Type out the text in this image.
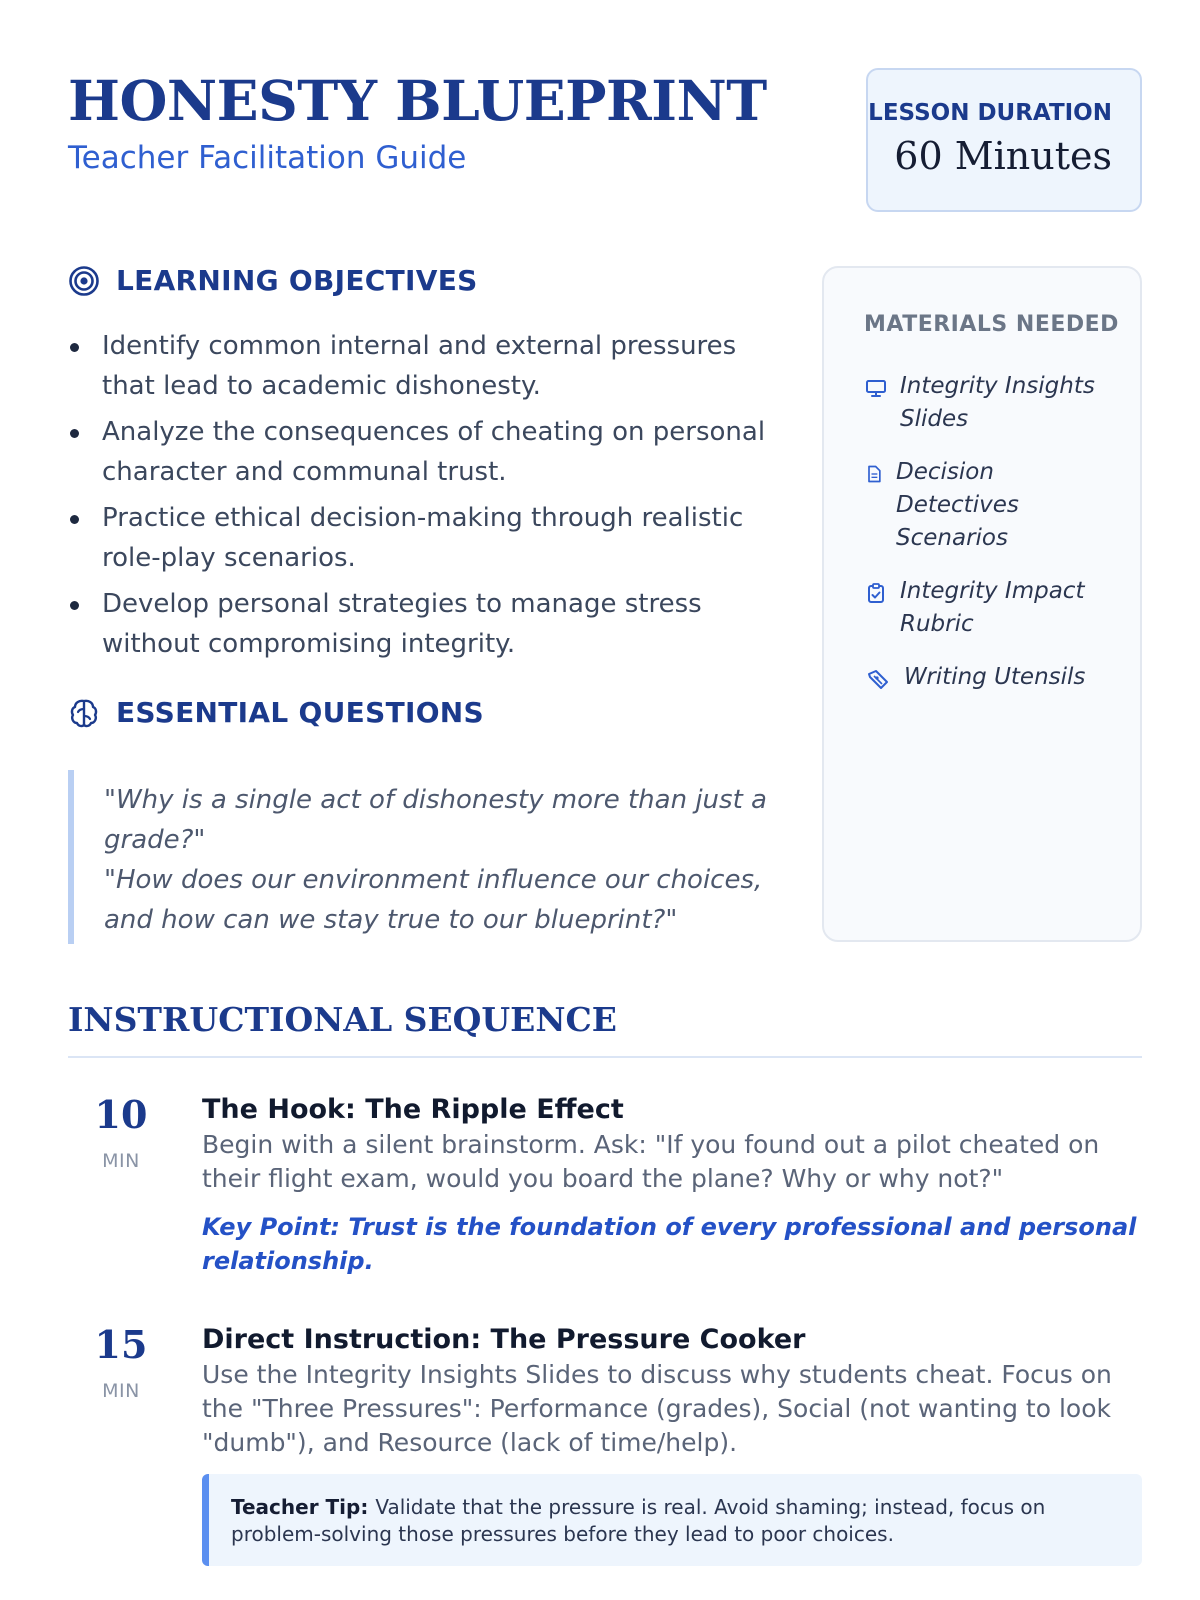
HONESTY BLUEPRINT
Teacher Facilitation Guide
LESSON DURATION
60 Minutes
LEARNING OBJECTIVES
Identify common internal and external pressures that lead to academic dishonesty.
Analyze the consequences of cheating on personal character and communal trust.
Practice ethical decision-making through realistic role-play scenarios.
Develop personal strategies to manage stress without compromising integrity.
ESSENTIAL QUESTIONS

"Why is a single act of dishonesty more than just a grade?"

"How does our environment influence our choices, and how can we stay true to our blueprint?"

MATERIALS NEEDED
Integrity Insights Slides
Decision Detectives Scenarios
Integrity Impact Rubric
Writing Utensils
INSTRUCTIONAL SEQUENCE
10
MIN
The Hook: The Ripple Effect
Begin with a silent brainstorm. Ask: "If you found out a pilot cheated on their flight exam, would you board the plane? Why or why not?"
Key Point: Trust is the foundation of every professional and personal relationship.
15
MIN
Direct Instruction: The Pressure Cooker
Use the Integrity Insights Slides to discuss why students cheat. Focus on the "Three Pressures": Performance (grades), Social (not wanting to look "dumb"), and Resource (lack of time/help).
Teacher Tip: Validate that the pressure is real. Avoid shaming; instead, focus on problem-solving those pressures before they lead to poor choices.
